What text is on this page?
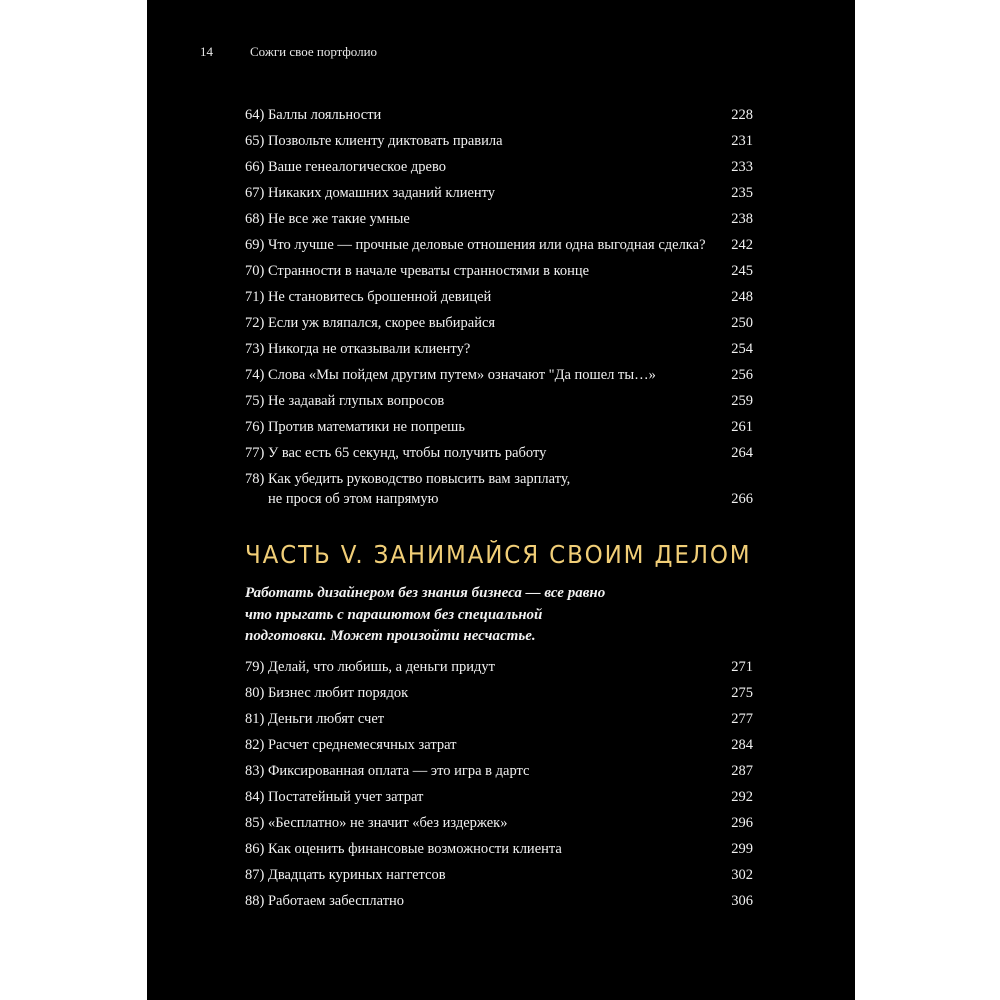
14	Сожги свое портфолио
64) Баллы лояльности	228
65) Позвольте клиенту диктовать правила	231
66) Ваше генеалогическое древо	233
67) Никаких домашних заданий клиенту	235
68) Не все же такие умные	238
69) Что лучше — прочные деловые отношения или одна выгодная сделка?	242
70) Странности в начале чреваты странностями в конце	245
71) Не становитесь брошенной девицей	248
72) Если уж вляпался, скорее выбирайся	250
73) Никогда не отказывали клиенту?	254
74) Слова «Мы пойдем другим путем» означают "Да пошел ты…»	256
75) Не задавай глупых вопросов	259
76) Против математики не попрешь	261
77) У вас есть 65 секунд, чтобы получить работу	264
78) Как убедить руководство повысить вам зарплату,
не прося об этом напрямую	266
ЧАСТЬ V. ЗАНИМАЙСЯ СВОИМ ДЕЛОМ
Работать дизайнером без знания бизнеса — все равно
что прыгать с парашютом без специальной
подготовки. Может произойти несчастье.
79) Делай, что любишь, а деньги придут	271
80) Бизнес любит порядок	275
81) Деньги любят счет	277
82) Расчет среднемесячных затрат	284
83) Фиксированная оплата — это игра в дартс	287
84) Постатейный учет затрат	292
85) «Бесплатно» не значит «без издержек»	296
86) Как оценить финансовые возможности клиента	299
87) Двадцать куриных наггетсов	302
88) Работаем забесплатно	306
